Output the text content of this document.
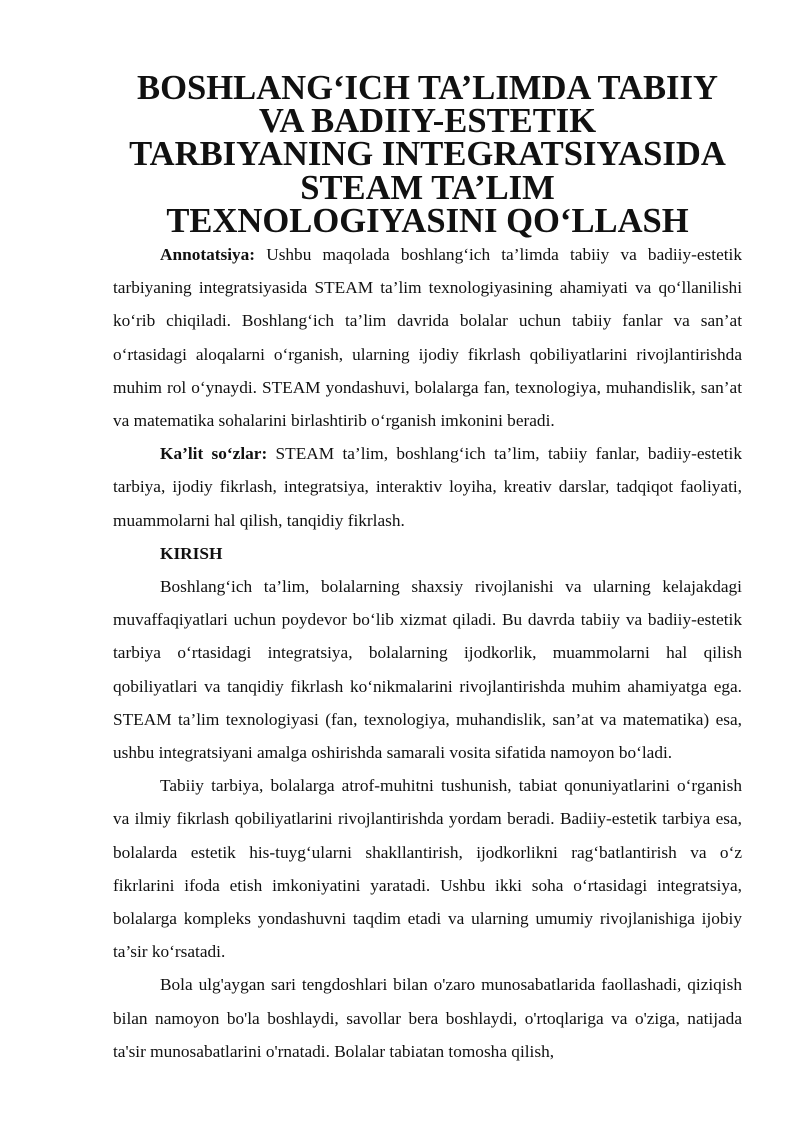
BOSHLANG‘ICH TA’LIMDA TABIIY VA BADIIY-ESTETIK
TARBIYANING INTEGRATSIYASIDA STEAM TA’LIM
TEXNOLOGIYASINI QO‘LLASH

Annotatsiya: Ushbu maqolada boshlang‘ich ta’limda tabiiy va badiiy-estetik tarbiyaning integratsiyasida STEAM ta’lim texnologiyasining ahamiyati va qo‘llanilishi ko‘rib chiqiladi. Boshlang‘ich ta’lim davrida bolalar uchun tabiiy fanlar va san’at o‘rtasidagi aloqalarni o‘rganish, ularning ijodiy fikrlash qobiliyatlarini rivojlantirishda muhim rol o‘ynaydi. STEAM yondashuvi, bolalarga fan, texnologiya, muhandislik, san’at va matematika sohalarini birlashtirib o‘rganish imkonini beradi.

Ka’lit so‘zlar: STEAM ta’lim, boshlang‘ich ta’lim, tabiiy fanlar, badiiy-estetik tarbiya, ijodiy fikrlash, integratsiya, interaktiv loyiha, kreativ darslar, tadqiqot faoliyati, muammolarni hal qilish, tanqidiy fikrlash.

KIRISH

Boshlang‘ich ta’lim, bolalarning shaxsiy rivojlanishi va ularning kelajakdagi muvaffaqiyatlari uchun poydevor bo‘lib xizmat qiladi. Bu davrda tabiiy va badiiy-estetik tarbiya o‘rtasidagi integratsiya, bolalarning ijodkorlik, muammolarni hal qilish qobiliyatlari va tanqidiy fikrlash ko‘nikmalarini rivojlantirishda muhim ahamiyatga ega. STEAM ta’lim texnologiyasi (fan, texnologiya, muhandislik, san’at va matematika) esa, ushbu integratsiyani amalga oshirishda samarali vosita sifatida namoyon bo‘ladi.

Tabiiy tarbiya, bolalarga atrof-muhitni tushunish, tabiat qonuniyatlarini o‘rganish va ilmiy fikrlash qobiliyatlarini rivojlantirishda yordam beradi. Badiiy-estetik tarbiya esa, bolalarda estetik his-tuyg‘ularni shakllantirish, ijodkorlikni rag‘batlantirish va o‘z fikrlarini ifoda etish imkoniyatini yaratadi. Ushbu ikki soha o‘rtasidagi integratsiya, bolalarga kompleks yondashuvni taqdim etadi va ularning umumiy rivojlanishiga ijobiy ta’sir ko‘rsatadi.

Bola ulg'aygan sari tengdoshlari bilan o'zaro munosabatlarida faollashadi, qiziqish bilan namoyon bo'la boshlaydi, savollar bera boshlaydi, o'rtoqlariga va o'ziga, natijada ta'sir munosabatlarini o'rnatadi. Bolalar tabiatan tomosha qilish,
